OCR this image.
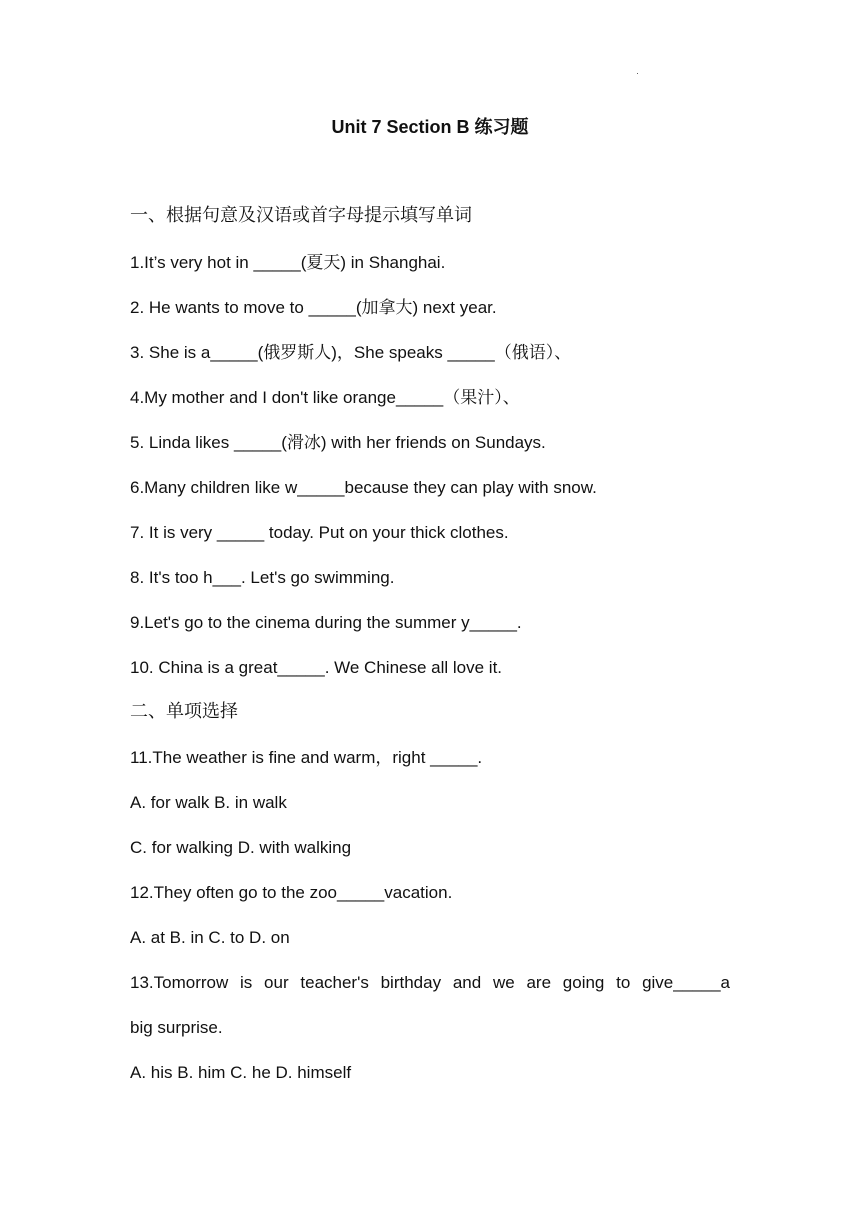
·
Unit 7 Section B 练习题
一、根据句意及汉语或首字母提示填写单词
1.It’s very hot in _____(夏天) in Shanghai.
2. He wants to move to _____(加拿大) next year.
3. She is a_____(俄罗斯人)，She speaks _____（俄语）、
4.My mother and I don't like orange_____（果汁）、
5. Linda likes _____(滑冰) with her friends on Sundays.
6.Many children like w_____because they can play with snow.
7. It is very _____ today. Put on your thick clothes.
8. It's too h___. Let's go swimming.
9.Let's go to the cinema during the summer y_____.
10. China is a great_____. We Chinese all love it.
二、单项选择
11.The weather is fine and warm，right _____.
A. for walk B. in walk
C. for walking D. with walking
12.They often go to the zoo_____vacation.
A. at B. in C. to D. on
13.Tomorrow is our teacher's birthday and we are going to give_____a
big surprise.
A. his B. him C. he D. himself
